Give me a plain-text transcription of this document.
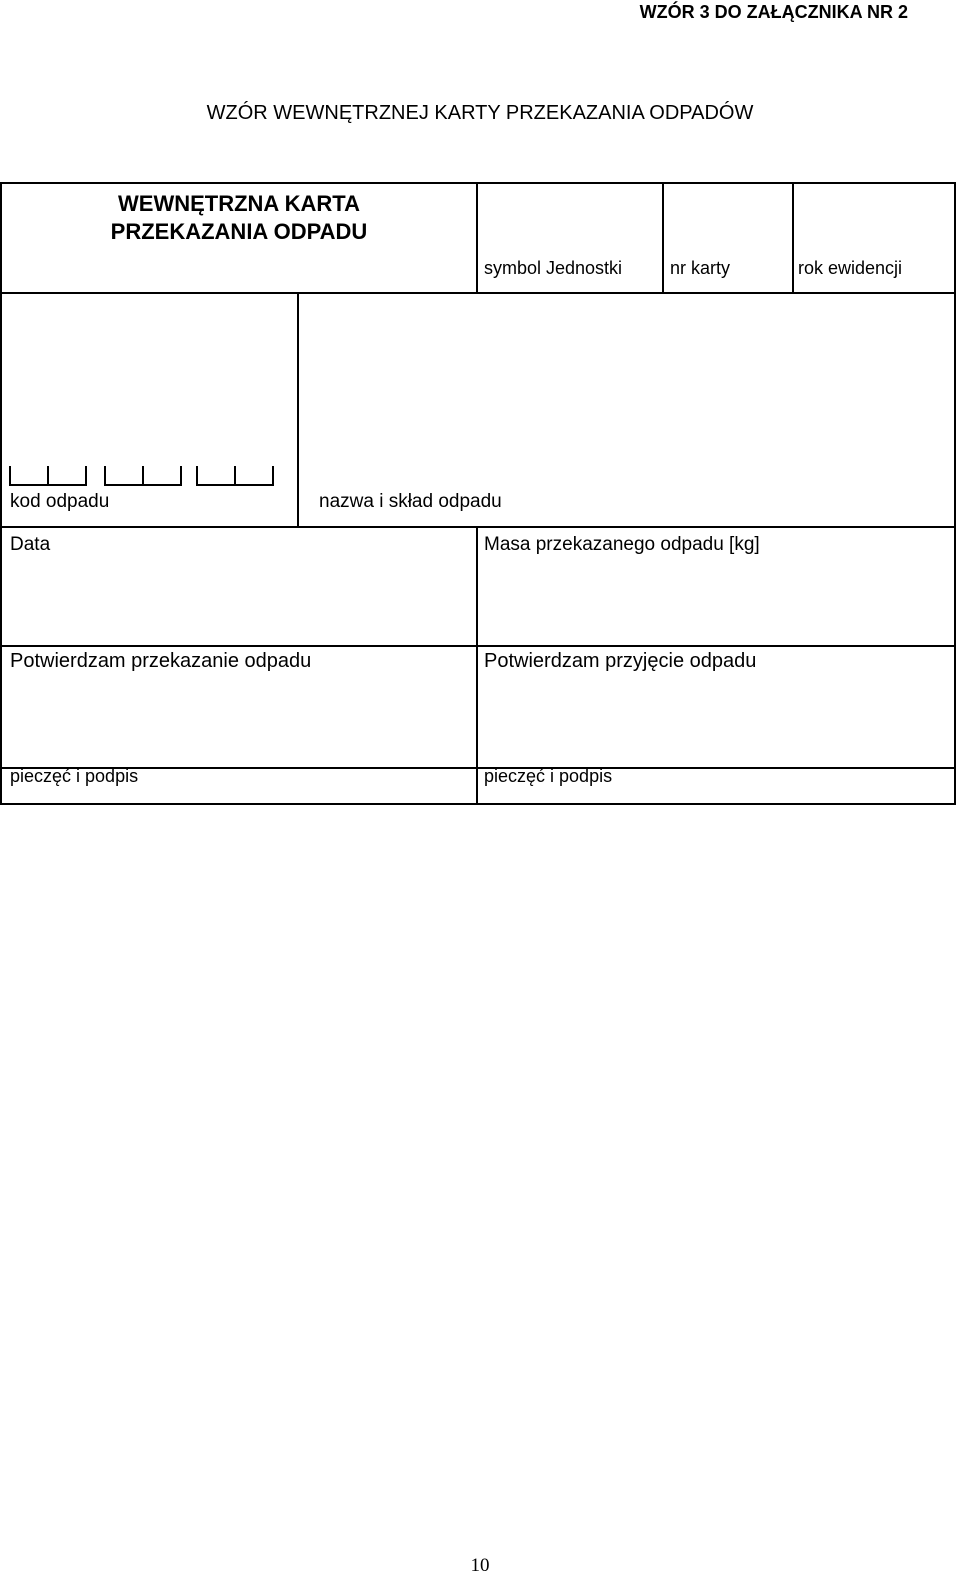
WZÓR 3 DO ZAŁĄCZNIKA NR 2

WZÓR WEWNĘTRZNEJ KARTY PRZEKAZANIA ODPADÓW

WEWNĘTRZNA KARTA
PRZEKAZANIA ODPADU

symbol Jednostki	nr karty	rok ewidencji

kod odpadu	nazwa i skład odpadu

Data	Masa przekazanego odpadu [kg]

Potwierdzam przekazanie odpadu	Potwierdzam przyjęcie odpadu

pieczęć i podpis	pieczęć i podpis

10
